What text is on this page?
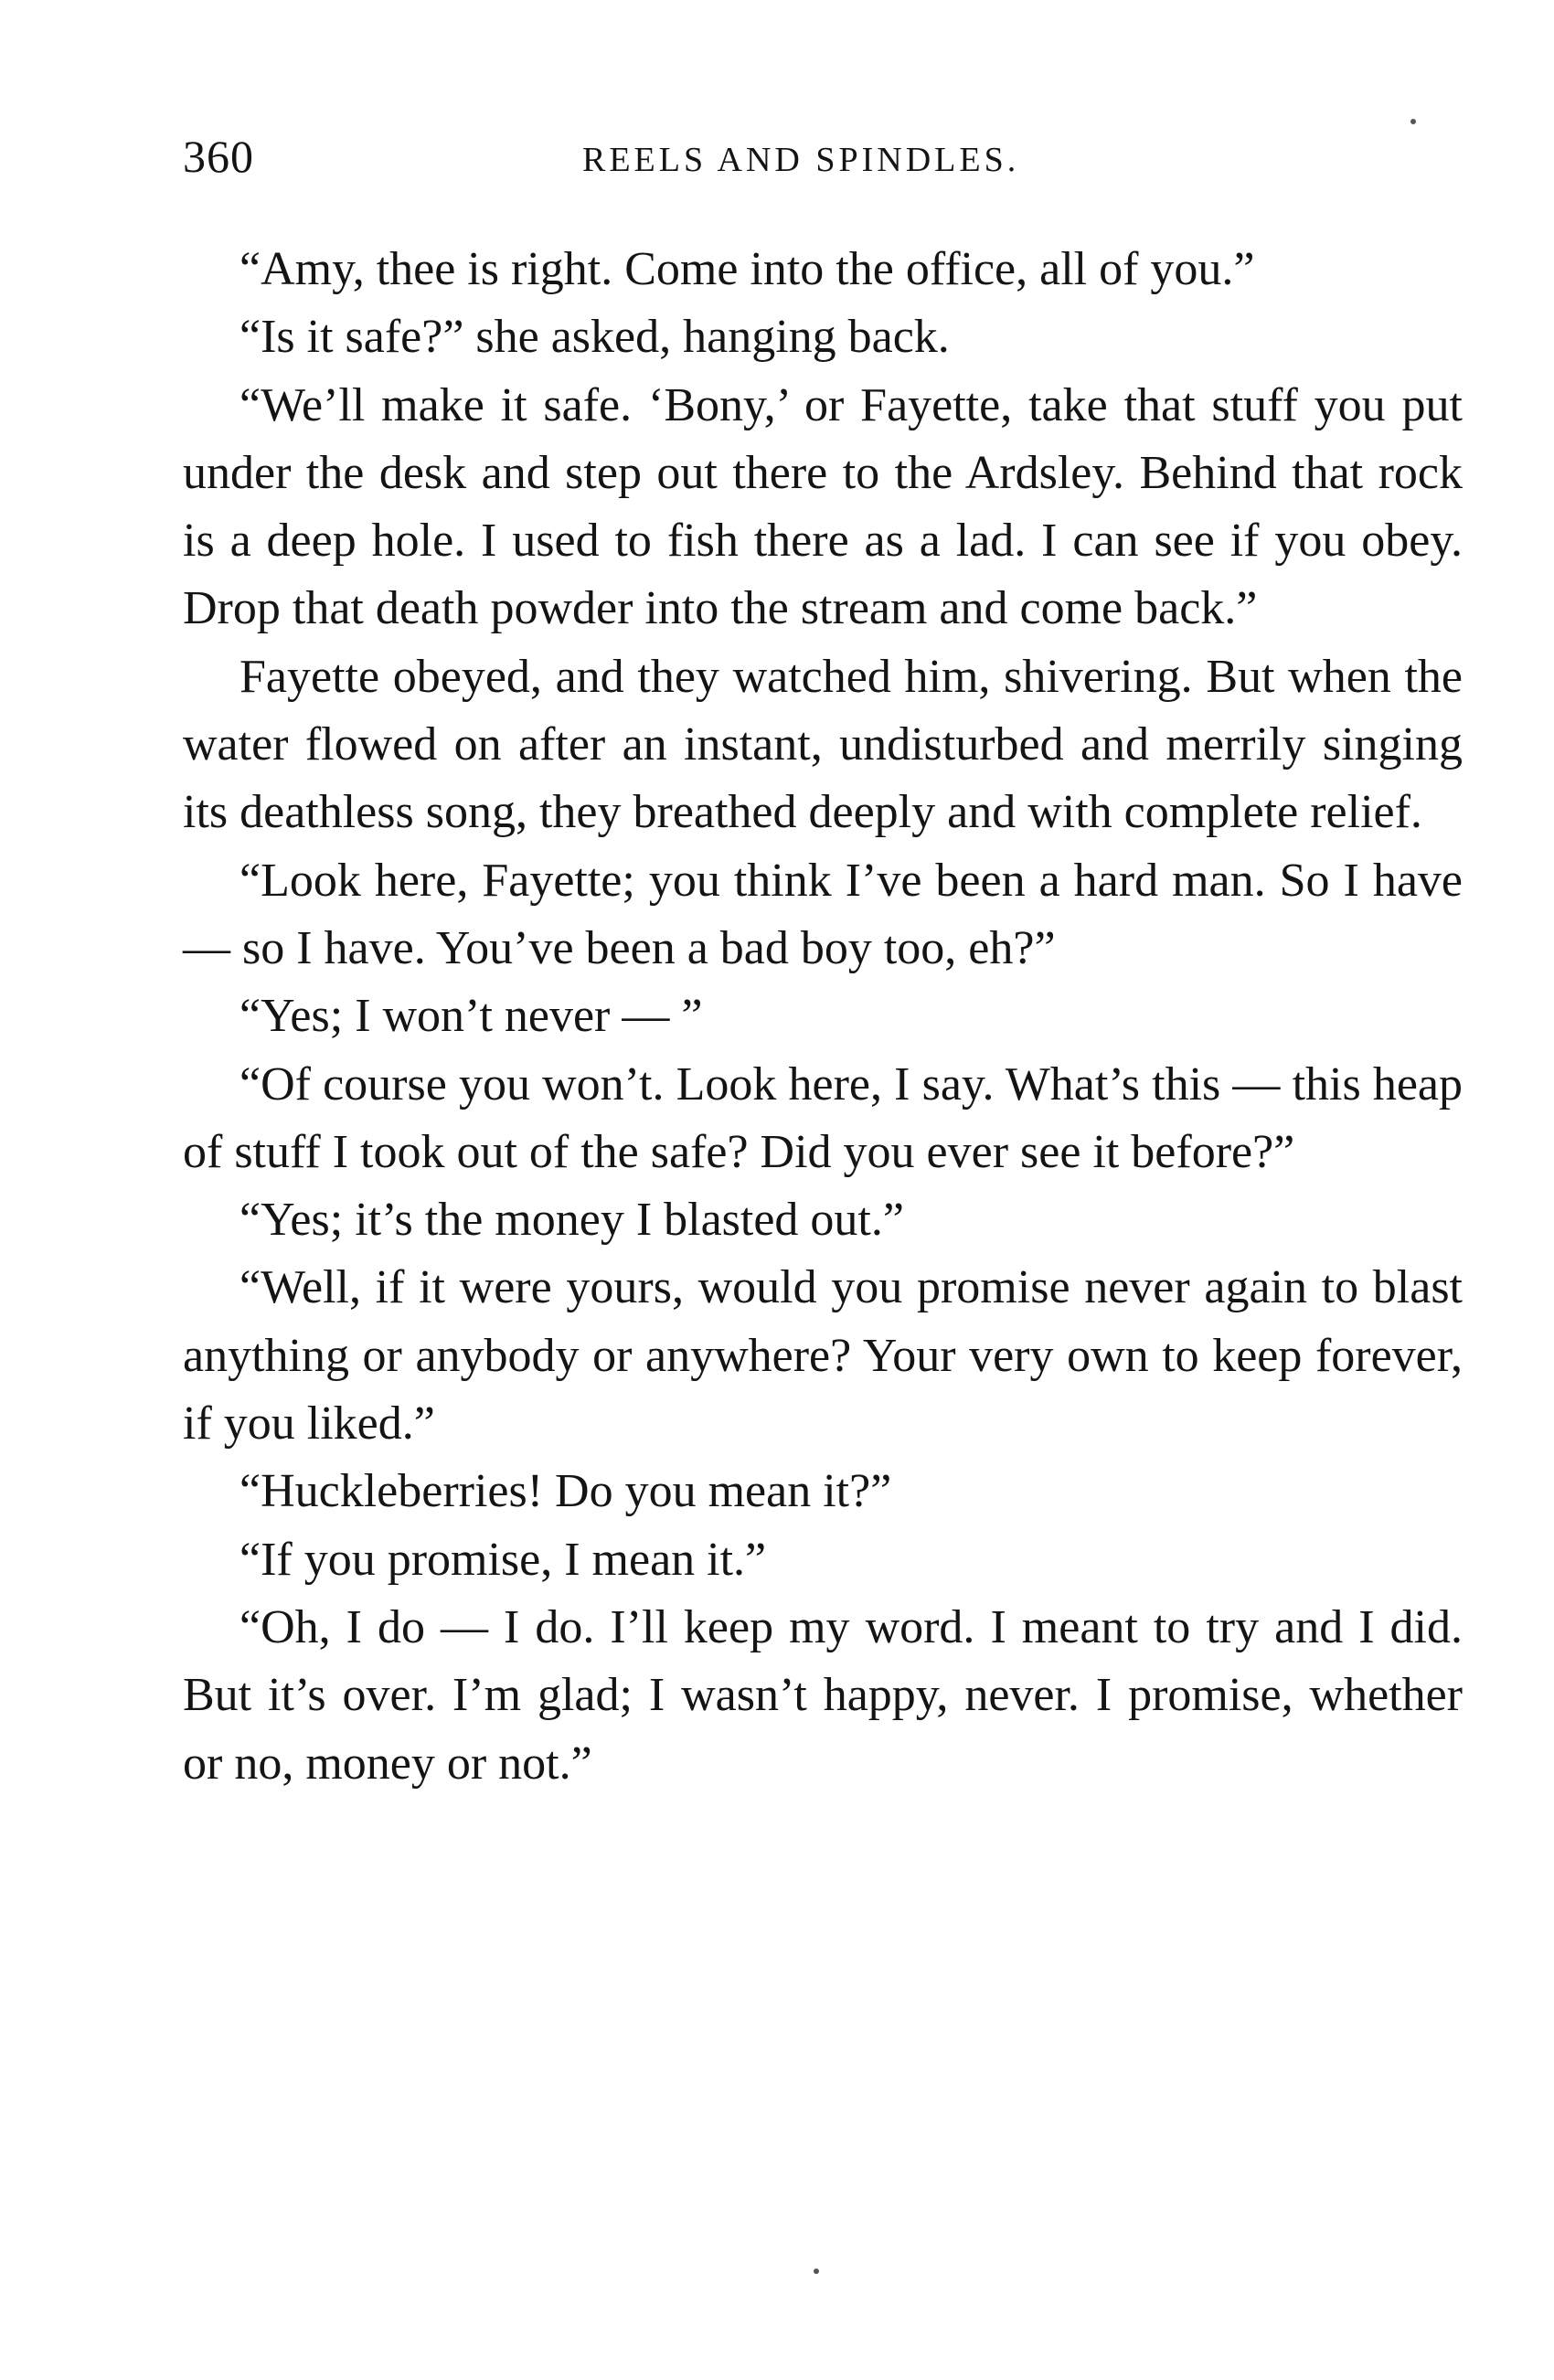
360	REELS AND SPINDLES.

“Amy, thee is right. Come into the office, all of you.”

“Is it safe?” she asked, hanging back.

“We’ll make it safe. ‘Bony,’ or Fayette, take that stuff you put under the desk and step out there to the Ardsley. Behind that rock is a deep hole. I used to fish there as a lad. I can see if you obey. Drop that death powder into the stream and come back.”

Fayette obeyed, and they watched him, shivering. But when the water flowed on after an instant, undisturbed and merrily singing its deathless song, they breathed deeply and with complete relief.

“Look here, Fayette; you think I’ve been a hard man. So I have — so I have. You’ve been a bad boy too, eh?”

“Yes; I won’t never — ”

“Of course you won’t. Look here, I say. What’s this — this heap of stuff I took out of the safe? Did you ever see it before?”

“Yes; it’s the money I blasted out.”

“Well, if it were yours, would you promise never again to blast anything or anybody or anywhere? Your very own to keep forever, if you liked.”

“Huckleberries! Do you mean it?”

“If you promise, I mean it.”

“Oh, I do — I do. I’ll keep my word. I meant to try and I did. But it’s over. I’m glad; I wasn’t happy, never. I promise, whether or no, money or not.”
